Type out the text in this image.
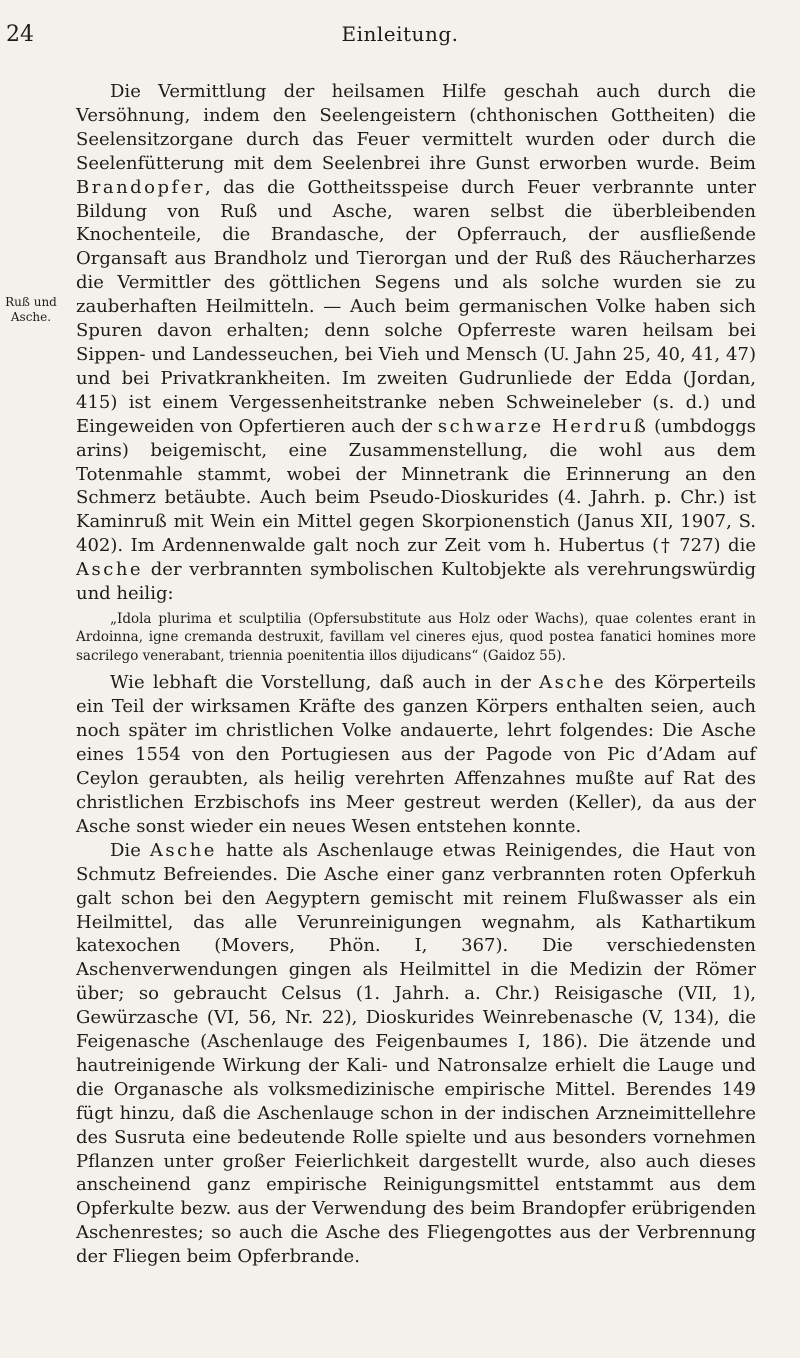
24	Einleitung.
Ruß und Asche.

Die Vermittlung der heilsamen Hilfe geschah auch durch die Versöhnung, indem den Seelengeistern (chthonischen Gottheiten) die Seelensitzorgane durch das Feuer vermittelt wurden oder durch die Seelenfütterung mit dem Seelenbrei ihre Gunst erworben wurde. Beim Brandopfer, das die Gottheitsspeise durch Feuer verbrannte unter Bildung von Ruß und Asche, waren selbst die überbleibenden Knochenteile, die Brandasche, der Opferrauch, der ausfließende Organsaft aus Brandholz und Tierorgan und der Ruß des Räucherharzes die Vermittler des göttlichen Segens und als solche wurden sie zu zauberhaften Heilmitteln. — Auch beim germanischen Volke haben sich Spuren davon erhalten; denn solche Opferreste waren heilsam bei Sippen- und Landesseuchen, bei Vieh und Mensch (U. Jahn 25, 40, 41, 47) und bei Privatkrankheiten. Im zweiten Gudrunliede der Edda (Jordan, 415) ist einem Vergessenheitstranke neben Schweineleber (s. d.) und Eingeweiden von Opfertieren auch der schwarze Herdruß (umbdoggs arins) beigemischt, eine Zusammenstellung, die wohl aus dem Totenmahle stammt, wobei der Minnetrank die Erinnerung an den Schmerz betäubte. Auch beim Pseudo-Dioskurides (4. Jahrh. p. Chr.) ist Kaminruß mit Wein ein Mittel gegen Skorpionenstich (Janus XII, 1907, S. 402). Im Ardennenwalde galt noch zur Zeit vom h. Hubertus († 727) die Asche der verbrannten symbolischen Kultobjekte als verehrungswürdig und heilig:

„Idola plurima et sculptilia (Opfersubstitute aus Holz oder Wachs), quae colentes erant in Ardoinna, igne cremanda destruxit, favillam vel cineres ejus, quod postea fanatici homines more sacrilego venerabant, triennia poenitentia illos dijudicans“ (Gaidoz 55).

Wie lebhaft die Vorstellung, daß auch in der Asche des Körperteils ein Teil der wirksamen Kräfte des ganzen Körpers enthalten seien, auch noch später im christlichen Volke andauerte, lehrt folgendes: Die Asche eines 1554 von den Portugiesen aus der Pagode von Pic d’Adam auf Ceylon geraubten, als heilig verehrten Affenzahnes mußte auf Rat des christlichen Erzbischofs ins Meer gestreut werden (Keller), da aus der Asche sonst wieder ein neues Wesen entstehen konnte.

Die Asche hatte als Aschenlauge etwas Reinigendes, die Haut von Schmutz Befreiendes. Die Asche einer ganz verbrannten roten Opferkuh galt schon bei den Aegyptern gemischt mit reinem Flußwasser als ein Heilmittel, das alle Verunreinigungen wegnahm, als Kathartikum katexochen (Movers, Phön. I, 367). Die verschiedensten Aschenverwendungen gingen als Heilmittel in die Medizin der Römer über; so gebraucht Celsus (1. Jahrh. a. Chr.) Reisigasche (VII, 1), Gewürzasche (VI, 56, Nr. 22), Dioskurides Weinrebenasche (V, 134), die Feigenasche (Aschenlauge des Feigenbaumes I, 186). Die ätzende und hautreinigende Wirkung der Kali- und Natronsalze erhielt die Lauge und die Organasche als volksmedizinische empirische Mittel. Berendes 149 fügt hinzu, daß die Aschenlauge schon in der indischen Arzneimittellehre des Susruta eine bedeutende Rolle spielte und aus besonders vornehmen Pflanzen unter großer Feierlichkeit dargestellt wurde, also auch dieses anscheinend ganz empirische Reinigungsmittel entstammt aus dem Opferkulte bezw. aus der Verwendung des beim Brandopfer erübrigenden Aschenrestes; so auch die Asche des Fliegengottes aus der Verbrennung der Fliegen beim Opferbrande.
